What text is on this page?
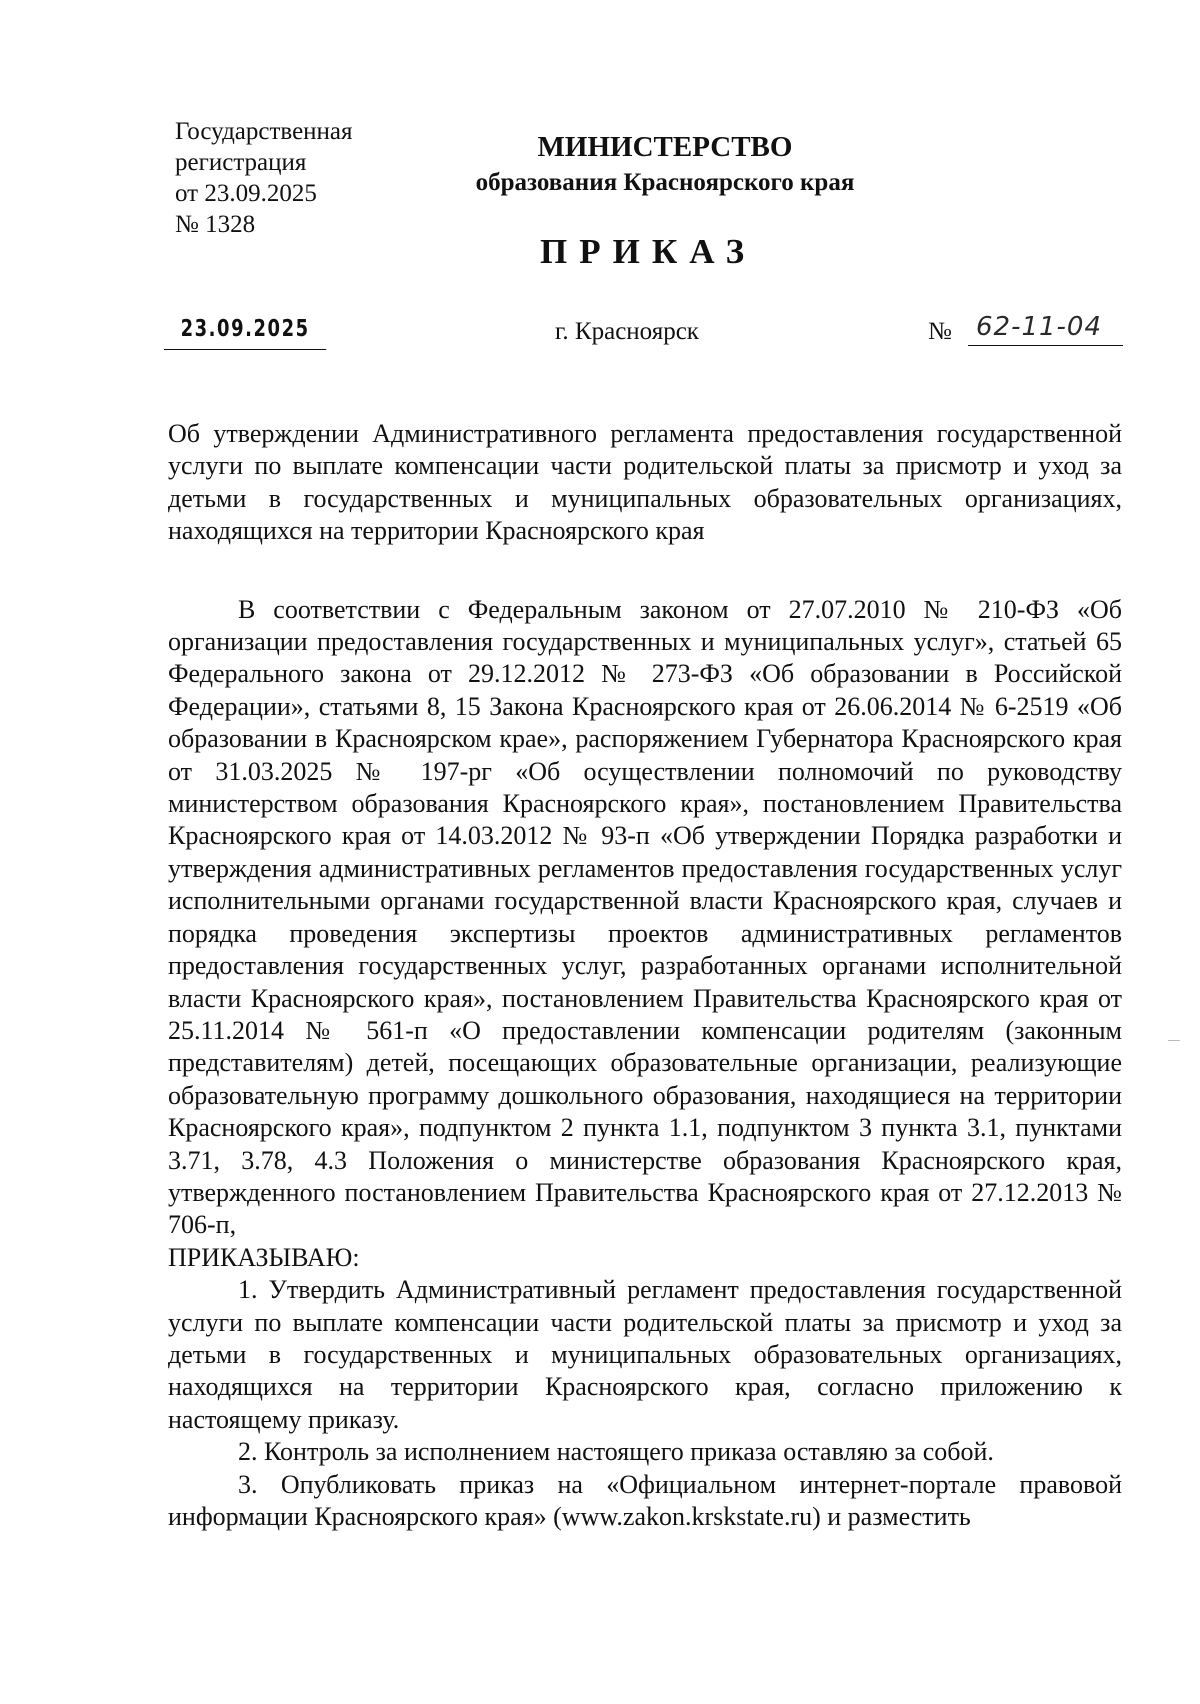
Государственная
регистрация
от 23.09.2025
№ 1328
МИНИСТЕРСТВО
образования Красноярского края
ПРИКАЗ
23.09.2025	г. Красноярск	№ 62-11-04

Об утверждении Административного регламента предоставления государственной услуги по выплате компенсации части родительской платы за присмотр и уход за детьми в государственных и муниципальных образовательных организациях, находящихся на территории Красноярского края

В соответствии с Федеральным законом от 27.07.2010 № 210-ФЗ «Об организации предоставления государственных и муниципальных услуг», статьей 65 Федерального закона от 29.12.2012 № 273-ФЗ «Об образовании в Российской Федерации», статьями 8, 15 Закона Красноярского края от 26.06.2014 № 6-2519 «Об образовании в Красноярском крае», распоряжением Губернатора Красноярского края от 31.03.2025 № 197-рг «Об осуществлении полномочий по руководству министерством образования Красноярского края», постановлением Правительства Красноярского края от 14.03.2012 № 93-п «Об утверждении Порядка разработки и утверждения административных регламентов предоставления государственных услуг исполнительными органами государственной власти Красноярского края, случаев и порядка проведения экспертизы проектов административных регламентов предоставления государственных услуг, разработанных органами исполнительной власти Красноярского края», постановлением Правительства Красноярского края от 25.11.2014 № 561-п «О предоставлении компенсации родителям (законным представителям) детей, посещающих образовательные организации, реализующие образовательную программу дошкольного образования, находящиеся на территории Красноярского края», подпунктом 2 пункта 1.1, подпунктом 3 пункта 3.1, пунктами 3.71, 3.78, 4.3 Положения о министерстве образования Красноярского края, утвержденного постановлением Правительства Красноярского края от 27.12.2013 № 706-п,

ПРИКАЗЫВАЮ:

1. Утвердить Административный регламент предоставления государственной услуги по выплате компенсации части родительской платы за присмотр и уход за детьми в государственных и муниципальных образовательных организациях, находящихся на территории Красноярского края, согласно приложению к настоящему приказу.

2. Контроль за исполнением настоящего приказа оставляю за собой.

3. Опубликовать приказ на «Официальном интернет-портале правовой информации Красноярского края» (www.zakon.krskstate.ru) и разместить
